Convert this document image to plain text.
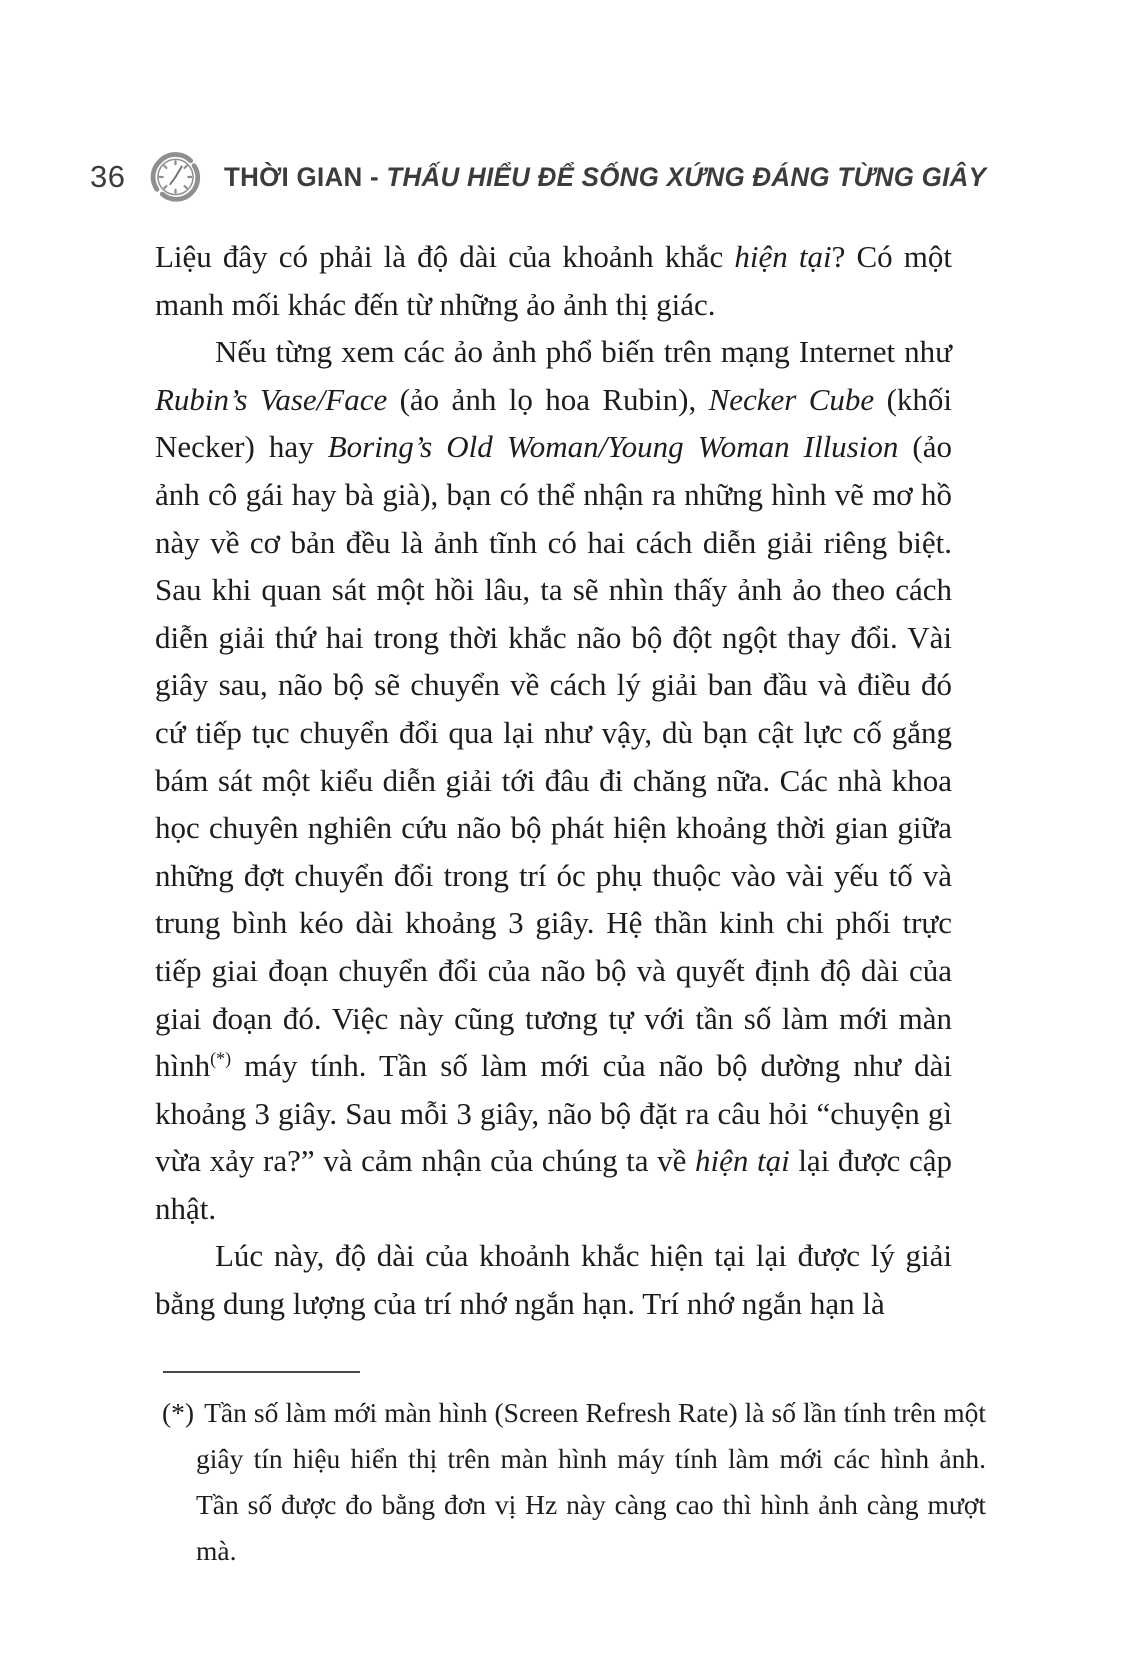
36	THỜI GIAN - THẤU HIỂU ĐỂ SỐNG XỨNG ĐÁNG TỪNG GIÂY

Liệu đây có phải là độ dài của khoảnh khắc hiện tại? Có một manh mối khác đến từ những ảo ảnh thị giác.

Nếu từng xem các ảo ảnh phổ biến trên mạng Internet như Rubin’s Vase/Face (ảo ảnh lọ hoa Rubin), Necker Cube (khối Necker) hay Boring’s Old Woman/Young Woman Illusion (ảo ảnh cô gái hay bà già), bạn có thể nhận ra những hình vẽ mơ hồ này về cơ bản đều là ảnh tĩnh có hai cách diễn giải riêng biệt. Sau khi quan sát một hồi lâu, ta sẽ nhìn thấy ảnh ảo theo cách diễn giải thứ hai trong thời khắc não bộ đột ngột thay đổi. Vài giây sau, não bộ sẽ chuyển về cách lý giải ban đầu và điều đó cứ tiếp tục chuyển đổi qua lại như vậy, dù bạn cật lực cố gắng bám sát một kiểu diễn giải tới đâu đi chăng nữa. Các nhà khoa học chuyên nghiên cứu não bộ phát hiện khoảng thời gian giữa những đợt chuyển đổi trong trí óc phụ thuộc vào vài yếu tố và trung bình kéo dài khoảng 3 giây. Hệ thần kinh chi phối trực tiếp giai đoạn chuyển đổi của não bộ và quyết định độ dài của giai đoạn đó. Việc này cũng tương tự với tần số làm mới màn hình(*) máy tính. Tần số làm mới của não bộ dường như dài khoảng 3 giây. Sau mỗi 3 giây, não bộ đặt ra câu hỏi “chuyện gì vừa xảy ra?” và cảm nhận của chúng ta về hiện tại lại được cập nhật.

Lúc này, độ dài của khoảnh khắc hiện tại lại được lý giải bằng dung lượng của trí nhớ ngắn hạn. Trí nhớ ngắn hạn là

(*) Tần số làm mới màn hình (Screen Refresh Rate) là số lần tính trên một giây tín hiệu hiển thị trên màn hình máy tính làm mới các hình ảnh. Tần số được đo bằng đơn vị Hz này càng cao thì hình ảnh càng mượt mà.
